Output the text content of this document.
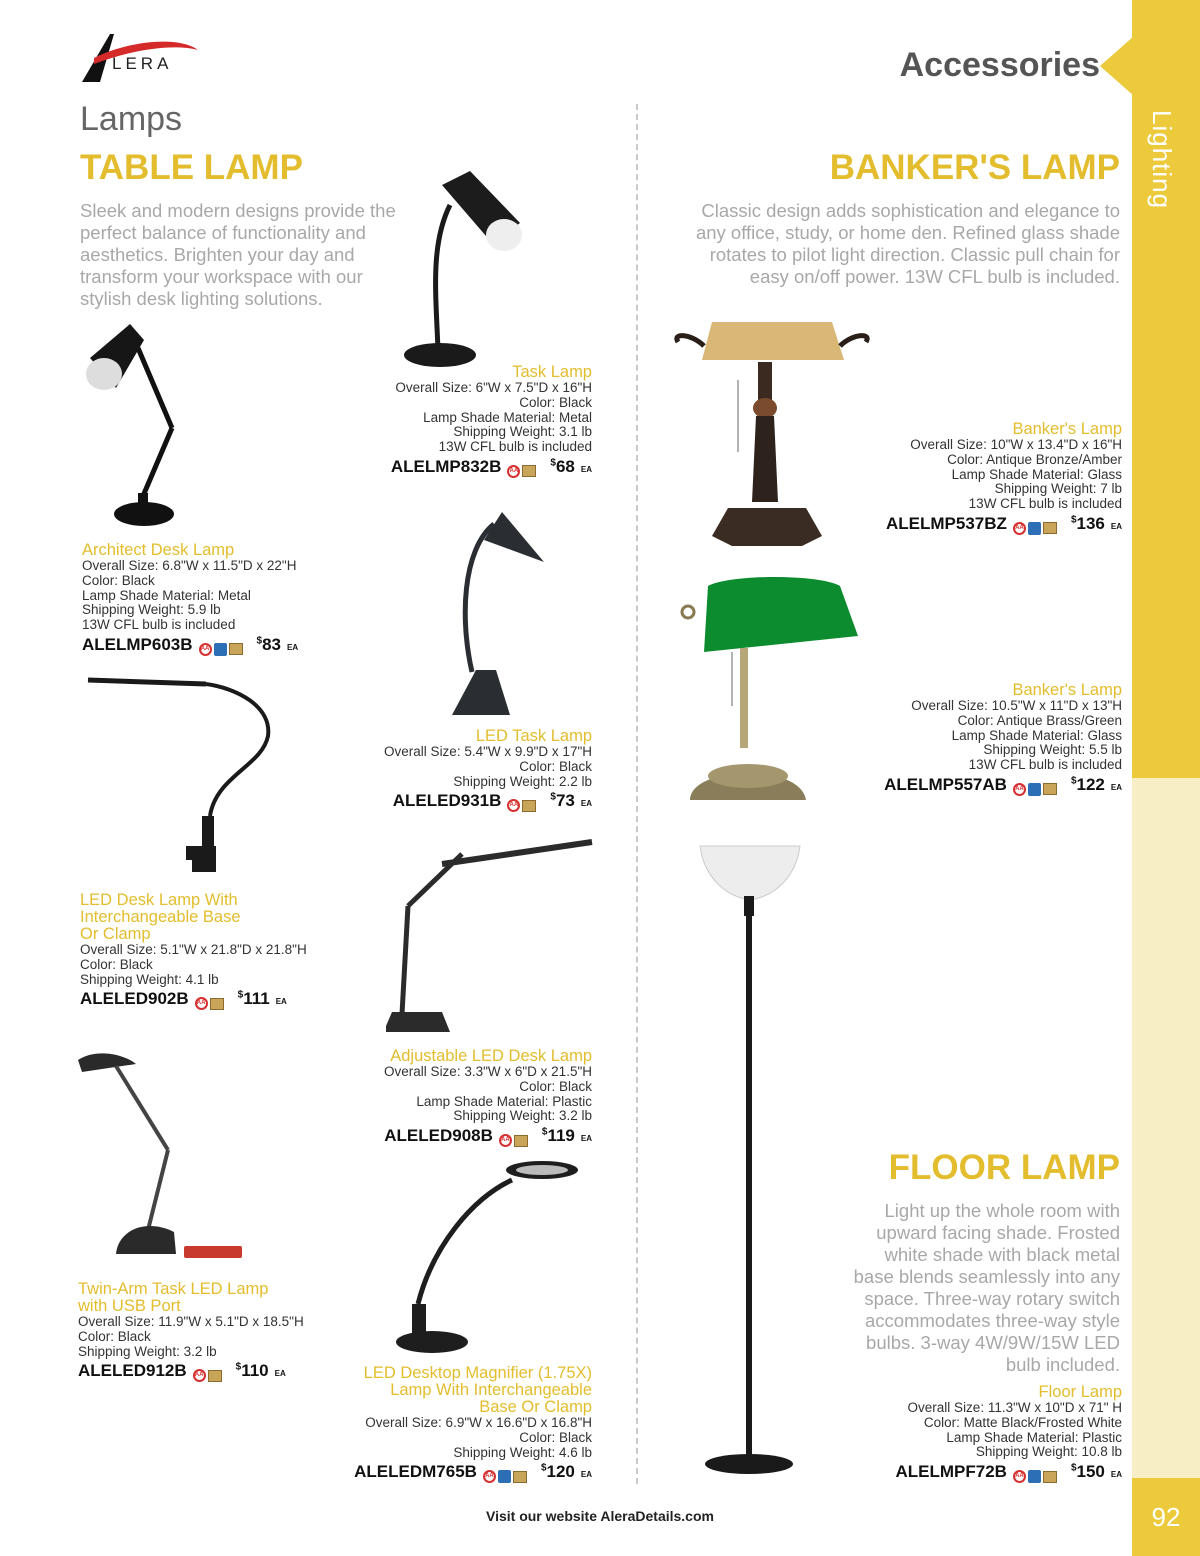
Lighting
92
LERA	Accessories
Lamps
TABLE LAMP
Sleek and modern designs provide the perfect balance of functionality and aesthetics. Brighten your day and transform your workspace with our stylish desk lighting solutions.
BANKER'S LAMP
Classic design adds sophistication and elegance to any office, study, or home den. Refined glass shade rotates to pilot light direction. Classic pull chain for easy on/off power. 13W CFL bulb is included.
FLOOR LAMP
Light up the whole room with upward facing shade. Frosted white shade with black metal base blends seamlessly into any space. Three-way rotary switch accommodates three-way style bulbs. 3-way 4W/9W/15W LED bulb included.
Task Lamp
Overall Size: 6"W x 7.5"D x 16"H
Color: Black
Lamp Shade Material: Metal
Shipping Weight: 3.1 lb
13W CFL bulb is included
ALELMP832B	AA
$68 EA
Architect Desk Lamp
Overall Size: 6.8"W x 11.5"D x 22"H
Color: Black
Lamp Shade Material: Metal
Shipping Weight: 5.9 lb
13W CFL bulb is included
ALELMP603B	AA
$83 EA
LED Task Lamp
Overall Size: 5.4"W x 9.9"D x 17"H
Color: Black
Shipping Weight: 2.2 lb
ALELED931B	AA
$73 EA
LED Desk Lamp With
Interchangeable Base
Or Clamp
Overall Size: 5.1"W x 21.8"D x 21.8"H
Color: Black
Shipping Weight: 4.1 lb
ALELED902B	AA
$111 EA
Adjustable LED Desk Lamp
Overall Size: 3.3"W x 6"D x 21.5"H
Color: Black
Lamp Shade Material: Plastic
Shipping Weight: 3.2 lb
ALELED908B	AA
$119 EA
Twin-Arm Task LED Lamp
with USB Port
Overall Size: 11.9"W x 5.1"D x 18.5"H
Color: Black
Shipping Weight: 3.2 lb
ALELED912B	AA
$110 EA	LED Desktop Magnifier (1.75X)
Lamp With Interchangeable
Base Or Clamp
Overall Size: 6.9"W x 16.6"D x 16.8"H
Color: Black
Shipping Weight: 4.6 lb
ALELEDM765B	AA
$120 EA
Banker's Lamp
Overall Size: 10"W x 13.4"D x 16"H
Color: Antique Bronze/Amber
Lamp Shade Material: Glass
Shipping Weight: 7 lb
13W CFL bulb is included
ALELMP537BZ	AA
$136 EA
Banker's Lamp
Overall Size: 10.5"W x 11"D x 13"H
Color: Antique Brass/Green
Lamp Shade Material: Glass
Shipping Weight: 5.5 lb
13W CFL bulb is included
ALELMP557AB	AA
$122 EA
Floor Lamp
Overall Size: 11.3"W x 10"D x 71" H
Color: Matte Black/Frosted White
Lamp Shade Material: Plastic
Shipping Weight: 10.8 lb
ALELMPF72B	AA
$150 EA
Visit our website AleraDetails.com
